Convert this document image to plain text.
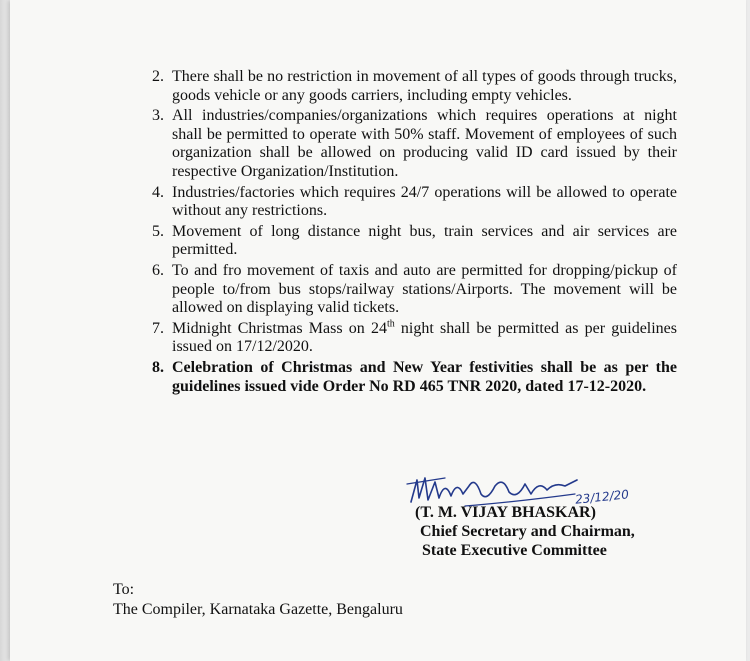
2. There shall be no restriction in movement of all types of goods through trucks, goods vehicle or any goods carriers, including empty vehicles.
3. All industries/companies/organizations which requires operations at night shall be permitted to operate with 50% staff. Movement of employees of such organization shall be allowed on producing valid ID card issued by their respective Organization/Institution.
4. Industries/factories which requires 24/7 operations will be allowed to operate without any restrictions.
5. Movement of long distance night bus, train services and air services are permitted.
6. To and fro movement of taxis and auto are permitted for dropping/pickup of people to/from bus stops/railway stations/Airports. The movement will be allowed on displaying valid tickets.
7. Midnight Christmas Mass on 24th night shall be permitted as per guidelines issued on 17/12/2020.
8. Celebration of Christmas and New Year festivities shall be as per the guidelines issued vide Order No RD 465 TNR 2020, dated 17-12-2020.
23/12/20
(T. M. VIJAY BHASKAR)
Chief Secretary and Chairman,
State Executive Committee
To:
The Compiler, Karnataka Gazette, Bengaluru
